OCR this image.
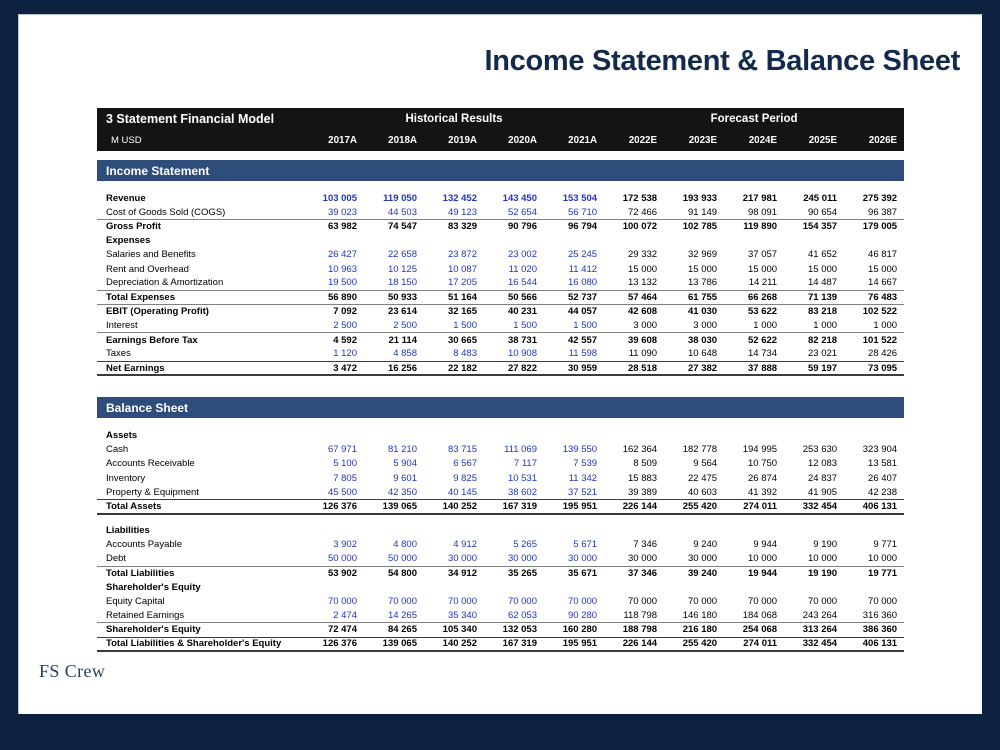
Income Statement & Balance Sheet
3 Statement Financial Model	Historical Results					Forecast Period				
M USD	2017A	2018A	2019A	2020A	2021A	2022E	2023E	2024E	2025E	2026E

Income Statement										

Revenue	103 005	119 050	132 452	143 450	153 504	172 538	193 933	217 981	245 011	275 392
Cost of Goods Sold (COGS)	39 023	44 503	49 123	52 654	56 710	72 466	91 149	98 091	90 654	96 387
Gross Profit	63 982	74 547	83 329	90 796	96 794	100 072	102 785	119 890	154 357	179 005
Expenses										
Salaries and Benefits	26 427	22 658	23 872	23 002	25 245	29 332	32 969	37 057	41 652	46 817
Rent and Overhead	10 963	10 125	10 087	11 020	11 412	15 000	15 000	15 000	15 000	15 000
Depreciation & Amortization	19 500	18 150	17 205	16 544	16 080	13 132	13 786	14 211	14 487	14 667
Total Expenses	56 890	50 933	51 164	50 566	52 737	57 464	61 755	66 268	71 139	76 483
EBIT (Operating Profit)	7 092	23 614	32 165	40 231	44 057	42 608	41 030	53 622	83 218	102 522
Interest	2 500	2 500	1 500	1 500	1 500	3 000	3 000	1 000	1 000	1 000
Earnings Before Tax	4 592	21 114	30 665	38 731	42 557	39 608	38 030	52 622	82 218	101 522
Taxes	1 120	4 858	8 483	10 908	11 598	11 090	10 648	14 734	23 021	28 426
Net Earnings	3 472	16 256	22 182	27 822	30 959	28 518	27 382	37 888	59 197	73 095

Balance Sheet										

Assets										
Cash	67 971	81 210	83 715	111 069	139 550	162 364	182 778	194 995	253 630	323 904
Accounts Receivable	5 100	5 904	6 567	7 117	7 539	8 509	9 564	10 750	12 083	13 581
Inventory	7 805	9 601	9 825	10 531	11 342	15 883	22 475	26 874	24 837	26 407
Property & Equipment	45 500	42 350	40 145	38 602	37 521	39 389	40 603	41 392	41 905	42 238
Total Assets	126 376	139 065	140 252	167 319	195 951	226 144	255 420	274 011	332 454	406 131

Liabilities										
Accounts Payable	3 902	4 800	4 912	5 265	5 671	7 346	9 240	9 944	9 190	9 771
Debt	50 000	50 000	30 000	30 000	30 000	30 000	30 000	10 000	10 000	10 000
Total Liabilities	53 902	54 800	34 912	35 265	35 671	37 346	39 240	19 944	19 190	19 771
Shareholder's Equity										
Equity Capital	70 000	70 000	70 000	70 000	70 000	70 000	70 000	70 000	70 000	70 000
Retained Earnings	2 474	14 265	35 340	62 053	90 280	118 798	146 180	184 068	243 264	316 360
Shareholder's Equity	72 474	84 265	105 340	132 053	160 280	188 798	216 180	254 068	313 264	386 360
Total Liabilities & Shareholder's Equity	126 376	139 065	140 252	167 319	195 951	226 144	255 420	274 011	332 454	406 131
FS Crew
